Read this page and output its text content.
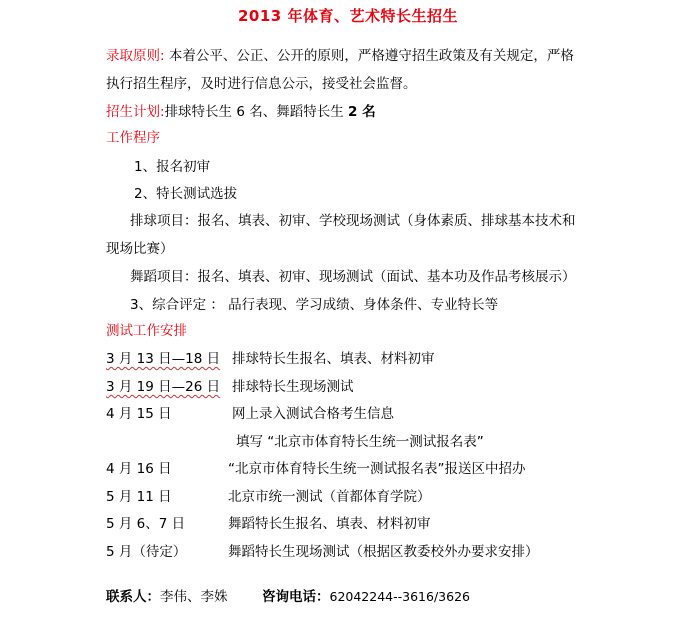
2013 年体育、艺术特长生招生
录取原则: 本着公平、公正、公开的原则，严格遵守招生政策及有关规定，严格
执行招生程序，及时进行信息公示，接受社会监督。
招生计划:排球特长生 6 名、舞蹈特长生 2 名
工作程序
1、报名初审
2、特长测试选拔
排球项目：报名、填表、初审、学校现场测试（身体素质、排球基本技术和
现场比赛）
舞蹈项目：报名、填表、初审、现场测试（面试、基本功及作品考核展示）
3、综合评定 ： 品行表现、学习成绩、身体条件、专业特长等
测试工作安排
3 月 13 日—18 日 排球特长生报名、填表、材料初审
3 月 19 日—26 日 排球特长生现场测试
4 月 15 日	网上录入测试合格考生信息
填写 “北京市体育特长生统一测试报名表”
4 月 16 日	“北京市体育特长生统一测试报名表”报送区中招办
5 月 11 日	北京市统一测试（首都体育学院）
5 月 6、7 日	舞蹈特长生报名、填表、材料初审
5 月（待定）	舞蹈特长生现场测试（根据区教委校外办要求安排）
联系人：李伟、李姝	咨询电话：62042244--3616/3626
